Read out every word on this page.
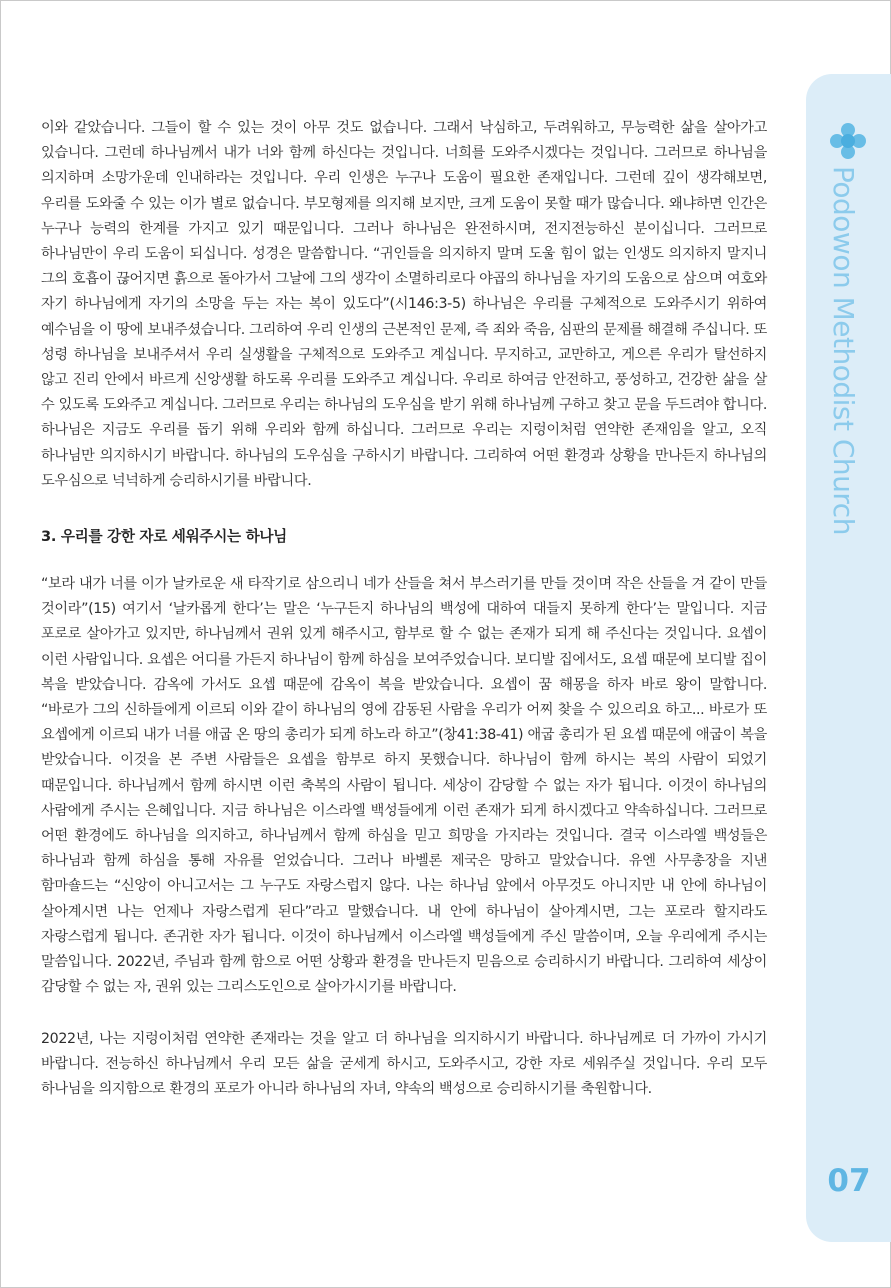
Podowon Methodist Church
07

이와 같았습니다. 그들이 할 수 있는 것이 아무 것도 없습니다. 그래서 낙심하고, 두려워하고, 무능력한 삶을 살아가고 있습니다. 그런데 하나님께서 내가 너와 함께 하신다는 것입니다. 너희를 도와주시겠다는 것입니다. 그러므로 하나님을 의지하며 소망가운데 인내하라는 것입니다. 우리 인생은 누구나 도움이 필요한 존재입니다. 그런데 깊이 생각해보면, 우리를 도와줄 수 있는 이가 별로 없습니다. 부모형제를 의지해 보지만, 크게 도움이 못할 때가 많습니다. 왜냐하면 인간은 누구나 능력의 한계를 가지고 있기 때문입니다. 그러나 하나님은 완전하시며, 전지전능하신 분이십니다. 그러므로 하나님만이 우리 도움이 되십니다. 성경은 말씀합니다. “귀인들을 의지하지 말며 도울 힘이 없는 인생도 의지하지 말지니 그의 호흡이 끊어지면 흙으로 돌아가서 그날에 그의 생각이 소멸하리로다 야곱의 하나님을 자기의 도움으로 삼으며 여호와 자기 하나님에게 자기의 소망을 두는 자는 복이 있도다”(시146:3-5) 하나님은 우리를 구체적으로 도와주시기 위하여 예수님을 이 땅에 보내주셨습니다. 그리하여 우리 인생의 근본적인 문제, 즉 죄와 죽음, 심판의 문제를 해결해 주십니다. 또 성령 하나님을 보내주셔서 우리 실생활을 구체적으로 도와주고 계십니다. 무지하고, 교만하고, 게으른 우리가 탈선하지 않고 진리 안에서 바르게 신앙생활 하도록 우리를 도와주고 계십니다. 우리로 하여금 안전하고, 풍성하고, 건강한 삶을 살 수 있도록 도와주고 계십니다. 그러므로 우리는 하나님의 도우심을 받기 위해 하나님께 구하고 찾고 문을 두드려야 합니다. 하나님은 지금도 우리를 돕기 위해 우리와 함께 하십니다. 그러므로 우리는 지렁이처럼 연약한 존재임을 알고, 오직 하나님만 의지하시기 바랍니다. 하나님의 도우심을 구하시기 바랍니다. 그리하여 어떤 환경과 상황을 만나든지 하나님의 도우심으로 넉넉하게 승리하시기를 바랍니다.

3. 우리를 강한 자로 세워주시는 하나님

“보라 내가 너를 이가 날카로운 새 타작기로 삼으리니 네가 산들을 쳐서 부스러기를 만들 것이며 작은 산들을 겨 같이 만들 것이라”(15) 여기서 ‘날카롭게 한다’는 말은 ‘누구든지 하나님의 백성에 대하여 대들지 못하게 한다’는 말입니다. 지금 포로로 살아가고 있지만, 하나님께서 권위 있게 해주시고, 함부로 할 수 없는 존재가 되게 해 주신다는 것입니다. 요셉이 이런 사람입니다. 요셉은 어디를 가든지 하나님이 함께 하심을 보여주었습니다. 보디발 집에서도, 요셉 때문에 보디발 집이 복을 받았습니다. 감옥에 가서도 요셉 때문에 감옥이 복을 받았습니다. 요셉이 꿈 해몽을 하자 바로 왕이 말합니다. “바로가 그의 신하들에게 이르되 이와 같이 하나님의 영에 감동된 사람을 우리가 어찌 찾을 수 있으리요 하고... 바로가 또 요셉에게 이르되 내가 너를 애굽 온 땅의 총리가 되게 하노라 하고”(창41:38-41) 애굽 총리가 된 요셉 때문에 애굽이 복을 받았습니다. 이것을 본 주변 사람들은 요셉을 함부로 하지 못했습니다. 하나님이 함께 하시는 복의 사람이 되었기 때문입니다. 하나님께서 함께 하시면 이런 축복의 사람이 됩니다. 세상이 감당할 수 없는 자가 됩니다. 이것이 하나님의 사람에게 주시는 은혜입니다. 지금 하나님은 이스라엘 백성들에게 이런 존재가 되게 하시겠다고 약속하십니다. 그러므로 어떤 환경에도 하나님을 의지하고, 하나님께서 함께 하심을 믿고 희망을 가지라는 것입니다. 결국 이스라엘 백성들은 하나님과 함께 하심을 통해 자유를 얻었습니다. 그러나 바벨론 제국은 망하고 말았습니다. 유엔 사무총장을 지낸 함마숄드는 “신앙이 아니고서는 그 누구도 자랑스럽지 않다. 나는 하나님 앞에서 아무것도 아니지만 내 안에 하나님이 살아계시면 나는 언제나 자랑스럽게 된다”라고 말했습니다. 내 안에 하나님이 살아계시면, 그는 포로라 할지라도 자랑스럽게 됩니다. 존귀한 자가 됩니다. 이것이 하나님께서 이스라엘 백성들에게 주신 말씀이며, 오늘 우리에게 주시는 말씀입니다. 2022년, 주님과 함께 함으로 어떤 상황과 환경을 만나든지 믿음으로 승리하시기 바랍니다. 그리하여 세상이 감당할 수 없는 자, 권위 있는 그리스도인으로 살아가시기를 바랍니다.

2022년, 나는 지렁이처럼 연약한 존재라는 것을 알고 더 하나님을 의지하시기 바랍니다. 하나님께로 더 가까이 가시기 바랍니다. 전능하신 하나님께서 우리 모든 삶을 굳세게 하시고, 도와주시고, 강한 자로 세워주실 것입니다. 우리 모두 하나님을 의지함으로 환경의 포로가 아니라 하나님의 자녀, 약속의 백성으로 승리하시기를 축원합니다.
